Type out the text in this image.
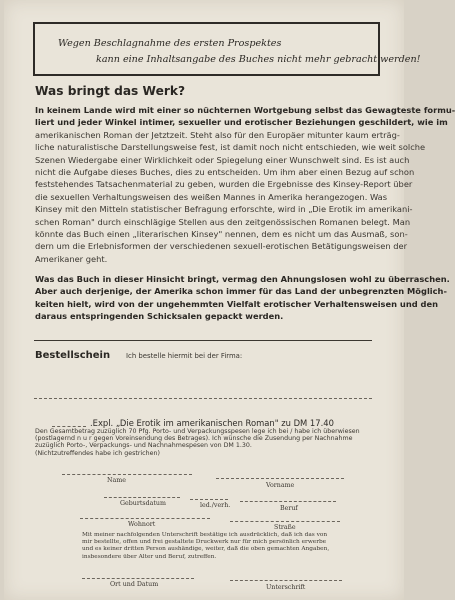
Wegen Beschlagnahme des ersten Prospektes
kann eine Inhaltsangabe des Buches nicht mehr gebracht werden!
Was bringt das Werk?
In keinem Lande wird mit einer so nüchternen Wortgebung selbst das Gewagteste formu-
liert und jeder Winkel intimer, sexueller und erotischer Beziehungen geschildert, wie im
amerikanischen Roman der Jetztzeit. Steht also für den Europäer mitunter kaum erträg-
liche naturalistische Darstellungsweise fest, ist damit noch nicht entschieden, wie weit solche
Szenen Wiedergabe einer Wirklichkeit oder Spiegelung einer Wunschwelt sind. Es ist auch
nicht die Aufgabe dieses Buches, dies zu entscheiden. Um ihm aber einen Bezug auf schon
feststehendes Tatsachenmaterial zu geben, wurden die Ergebnisse des Kinsey-Report über
die sexuellen Verhaltungsweisen des weißen Mannes in Amerika herangezogen. Was
Kinsey mit den Mitteln statistischer Befragung erforschte, wird in „Die Erotik im amerikani-
schen Roman" durch einschlägige Stellen aus den zeitgenössischen Romanen belegt. Man
könnte das Buch einen „literarischen Kinsey" nennen, dem es nicht um das Ausmaß, son-
dern um die Erlebnisformen der verschiedenen sexuell-erotischen Betätigungsweisen der
Amerikaner geht.
Was das Buch in dieser Hinsicht bringt, vermag den Ahnungslosen wohl zu überraschen.
Aber auch derjenige, der Amerika schon immer für das Land der unbegrenzten Möglich-
keiten hielt, wird von der ungehemmten Vielfalt erotischer Verhaltensweisen und den
daraus entspringenden Schicksalen gepackt werden.
Bestellschein Ich bestelle hiermit bei der Firma:
.Expl. „Die Erotik im amerikanischen Roman" zu DM 17.40
Den Gesamtbetrag zuzüglich 70 Pfg. Porto- und Verpackungsspesen lege ich bei / habe ich überwiesen
(postlagernd n u r gegen Voreinsendung des Betrages). Ich wünsche die Zusendung per Nachnahme
zuzüglich Porto-, Verpackungs- und Nachnahmespesen von DM 1.30.
(Nichtzutreffendes habe ich gestrichen)
Name
Vorname
Geburtsdatum	led./verh.	Beruf
Wohnort	Straße
Mit meiner nachfolgenden Unterschrift bestätige ich ausdrücklich, daß ich das von
mir bestellte, offen und frei gestaltete Druckwerk nur für mich persönlich erwerbe
und es keiner dritten Person aushändige, weiter, daß die oben gemachten Angaben,
insbesondere über Alter und Beruf, zutreffen.
Ort und Datum	Unterschrift
